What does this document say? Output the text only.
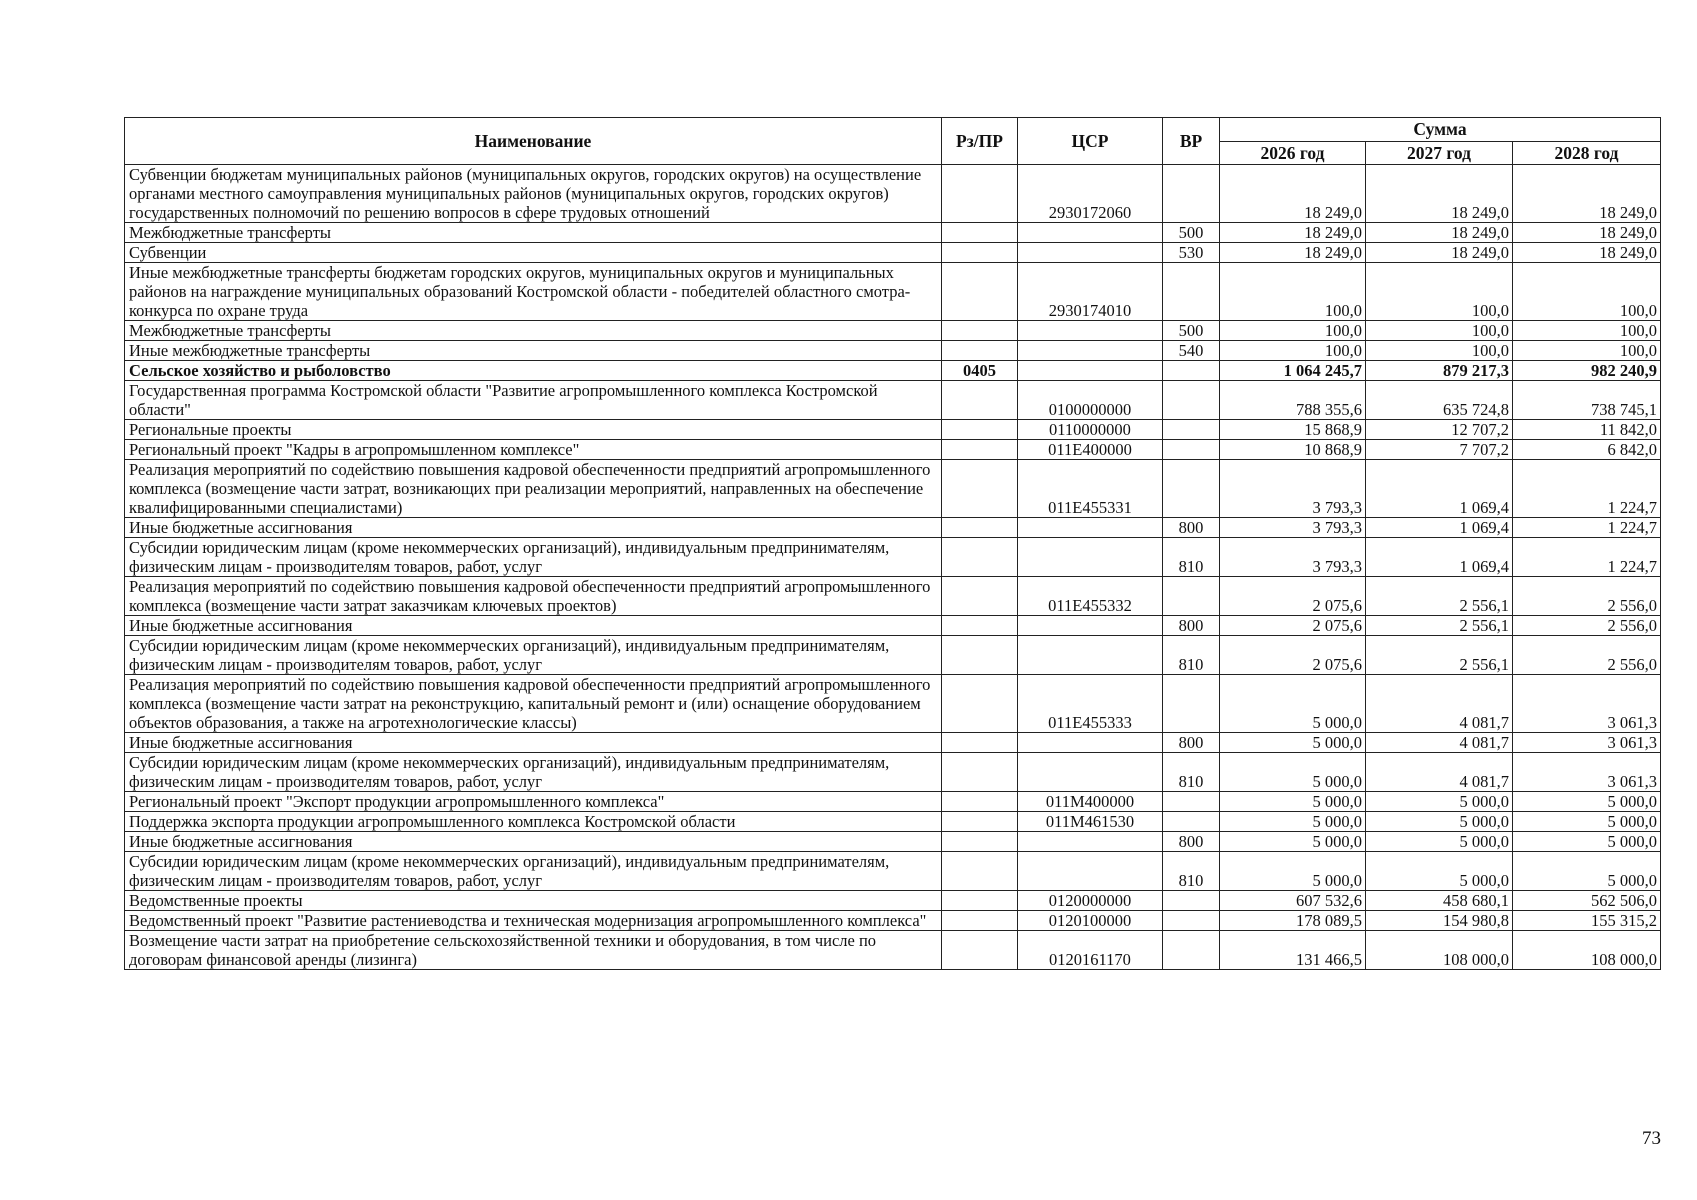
Наименование	Рз/ПР	ЦСР	ВР	Сумма		
				2026 год	2027 год	2028 год
Субвенции бюджетам муниципальных районов (муниципальных округов, городских округов) на осуществление органами местного самоуправления муниципальных районов (муниципальных округов, городских округов) государственных полномочий по решению вопросов в сфере трудовых отношений		2930172060		18 249,0	18 249,0	18 249,0
Межбюджетные трансферты			500	18 249,0	18 249,0	18 249,0
Субвенции			530	18 249,0	18 249,0	18 249,0
Иные межбюджетные трансферты бюджетам городских округов, муниципальных округов и муниципальных районов на награждение муниципальных образований Костромской области - победителей областного смотра-конкурса по охране труда		2930174010		100,0	100,0	100,0
Межбюджетные трансферты			500	100,0	100,0	100,0
Иные межбюджетные трансферты			540	100,0	100,0	100,0
Сельское хозяйство и рыболовство	0405			1 064 245,7	879 217,3	982 240,9
Государственная программа Костромской области "Развитие агропромышленного комплекса Костромской области"		0100000000		788 355,6	635 724,8	738 745,1
Региональные проекты		0110000000		15 868,9	12 707,2	11 842,0
Региональный проект "Кадры в агропромышленном комплексе"		011Е400000		10 868,9	7 707,2	6 842,0
Реализация мероприятий по содействию повышения кадровой обеспеченности предприятий агропромышленного комплекса (возмещение части затрат, возникающих при реализации мероприятий, направленных на обеспечение квалифицированными специалистами)		011Е455331		3 793,3	1 069,4	1 224,7
Иные бюджетные ассигнования			800	3 793,3	1 069,4	1 224,7
Субсидии юридическим лицам (кроме некоммерческих организаций), индивидуальным предпринимателям, физическим лицам - производителям товаров, работ, услуг			810	3 793,3	1 069,4	1 224,7
Реализация мероприятий по содействию повышения кадровой обеспеченности предприятий агропромышленного комплекса (возмещение части затрат заказчикам ключевых проектов)		011Е455332		2 075,6	2 556,1	2 556,0
Иные бюджетные ассигнования			800	2 075,6	2 556,1	2 556,0
Субсидии юридическим лицам (кроме некоммерческих организаций), индивидуальным предпринимателям, физическим лицам - производителям товаров, работ, услуг			810	2 075,6	2 556,1	2 556,0
Реализация мероприятий по содействию повышения кадровой обеспеченности предприятий агропромышленного комплекса (возмещение части затрат на реконструкцию, капитальный ремонт и (или) оснащение оборудованием объектов образования, а также на агротехнологические классы)		011Е455333		5 000,0	4 081,7	3 061,3
Иные бюджетные ассигнования			800	5 000,0	4 081,7	3 061,3
Субсидии юридическим лицам (кроме некоммерческих организаций), индивидуальным предпринимателям, физическим лицам - производителям товаров, работ, услуг			810	5 000,0	4 081,7	3 061,3
Региональный проект "Экспорт продукции агропромышленного комплекса"		011М400000		5 000,0	5 000,0	5 000,0
Поддержка экспорта продукции агропромышленного комплекса Костромской области		011М461530		5 000,0	5 000,0	5 000,0
Иные бюджетные ассигнования			800	5 000,0	5 000,0	5 000,0
Субсидии юридическим лицам (кроме некоммерческих организаций), индивидуальным предпринимателям, физическим лицам - производителям товаров, работ, услуг			810	5 000,0	5 000,0	5 000,0
Ведомственные проекты		0120000000		607 532,6	458 680,1	562 506,0
Ведомственный проект "Развитие растениеводства и техническая модернизация агропромышленного комплекса"		0120100000		178 089,5	154 980,8	155 315,2
Возмещение части затрат на приобретение сельскохозяйственной техники и оборудования, в том числе по договорам финансовой аренды (лизинга)		0120161170		131 466,5	108 000,0	108 000,0
73
